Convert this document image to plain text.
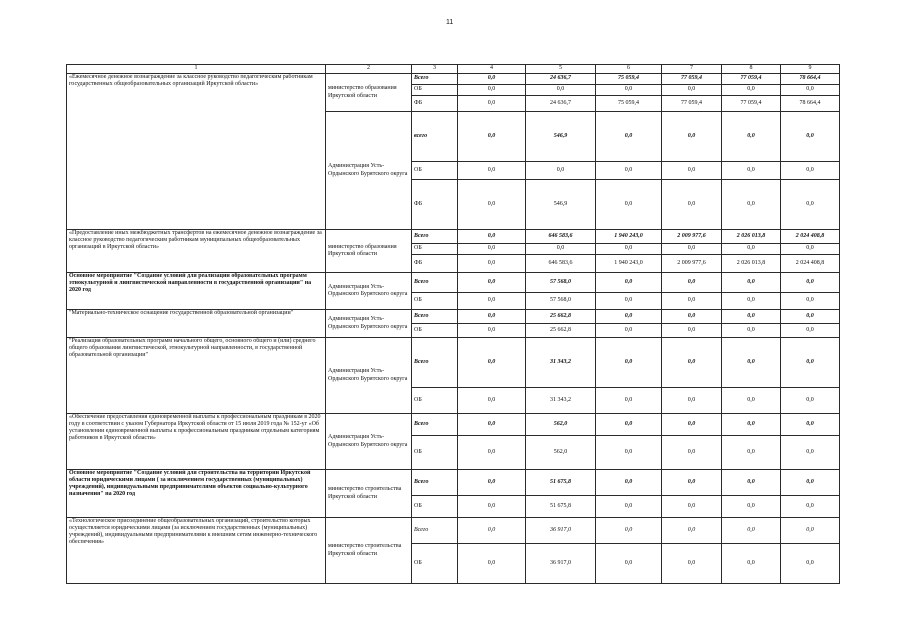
11
1	2	3	4	5	6	7	8	9
«Ежемесячное денежное вознаграждение за классное руководство педагогическим работникам государственных общеобразовательных организаций Иркутской области»	министерство образования Иркутской области	Всего	0,0	24 636,7	75 059,4	77 059,4	77 059,4	78 664,4
		ОБ	0,0	0,0	0,0	0,0	0,0	0,0
		ФБ	0,0	24 636,7	75 059,4	77 059,4	77 059,4	78 664,4
	Администрация Усть-Ордынского Бурятского округа	всего	0,0	546,9	0,0	0,0	0,0	0,0
		ОБ	0,0	0,0	0,0	0,0	0,0	0,0
		ФБ	0,0	546,9	0,0	0,0	0,0	0,0
«Предоставление иных межбюджетных трансфертов на ежемесячное денежное вознаграждение за классное руководство педагогическим работникам муниципальных общеобразовательных организаций в Иркутской области»	министерство образования Иркутской области	Всего	0,0	646 583,6	1 940 243,0	2 009 977,6	2 026 013,8	2 024 408,8
		ОБ	0,0	0,0	0,0	0,0	0,0	0,0
		ФБ	0,0	646 583,6	1 940 243,0	2 009 977,6	2 026 013,8	2 024 408,8
Основное мероприятие "Создание условий для реализации образовательных программ этнокультурной и лингвистической направленности в государственной организации" на 2020 год	Администрация Усть-Ордынского Бурятского округа	Всего	0,0	57 568,0	0,0	0,0	0,0	0,0
		ОБ	0,0	57 568,0	0,0	0,0	0,0	0,0
"Материально-техническое оснащение государственной образовательной организации"	Администрация Усть-Ордынского Бурятского округа	Всего	0,0	25 662,8	0,0	0,0	0,0	0,0
		ОБ	0,0	25 662,8	0,0	0,0	0,0	0,0
"Реализация образовательных программ начального общего, основного общего и (или) среднего общего образования лингвистической, этнокультурной направленности, в государственной образовательной организации"	Администрация Усть-Ордынского Бурятского округа	Всего	0,0	31 343,2	0,0	0,0	0,0	0,0
		ОБ	0,0	31 343,2	0,0	0,0	0,0	0,0
«Обеспечение предоставления единовременной выплаты к профессиональным праздникам в 2020 году в соответствии с указом Губернатора Иркутской области от 15 июля 2019 года № 152-уг «Об установлении единовременной выплаты к профессиональным праздникам отдельным категориям работников в Иркутской области»	Администрация Усть-Ордынского Бурятского округа	Всего	0,0	562,0	0,0	0,0	0,0	0,0
		ОБ	0,0	562,0	0,0	0,0	0,0	0,0
Основное мероприятие "Создание условий для строительства на территории Иркутской области юридическими лицами ( за исключением государственных (муниципальных) учреждений), индивидуальными предпринимателями объектов социально-культурного назначения" на 2020 год	министерство строительства Иркутской области	Всего	0,0	51 675,8	0,0	0,0	0,0	0,0
		ОБ	0,0	51 675,8	0,0	0,0	0,0	0,0
«Технологическое присоединение общеобразовательных организаций, строительство которых осуществляется юридическими лицами (за исключением государственных (муниципальных) учреждений), индивидуальными предпринимателями к внешним сетям инженерно-технического обеспечения»	министерство строительства Иркутской области	Всего	0,0	36 917,0	0,0	0,0	0,0	0,0
		ОБ	0,0	36 917,0	0,0	0,0	0,0	0,0
